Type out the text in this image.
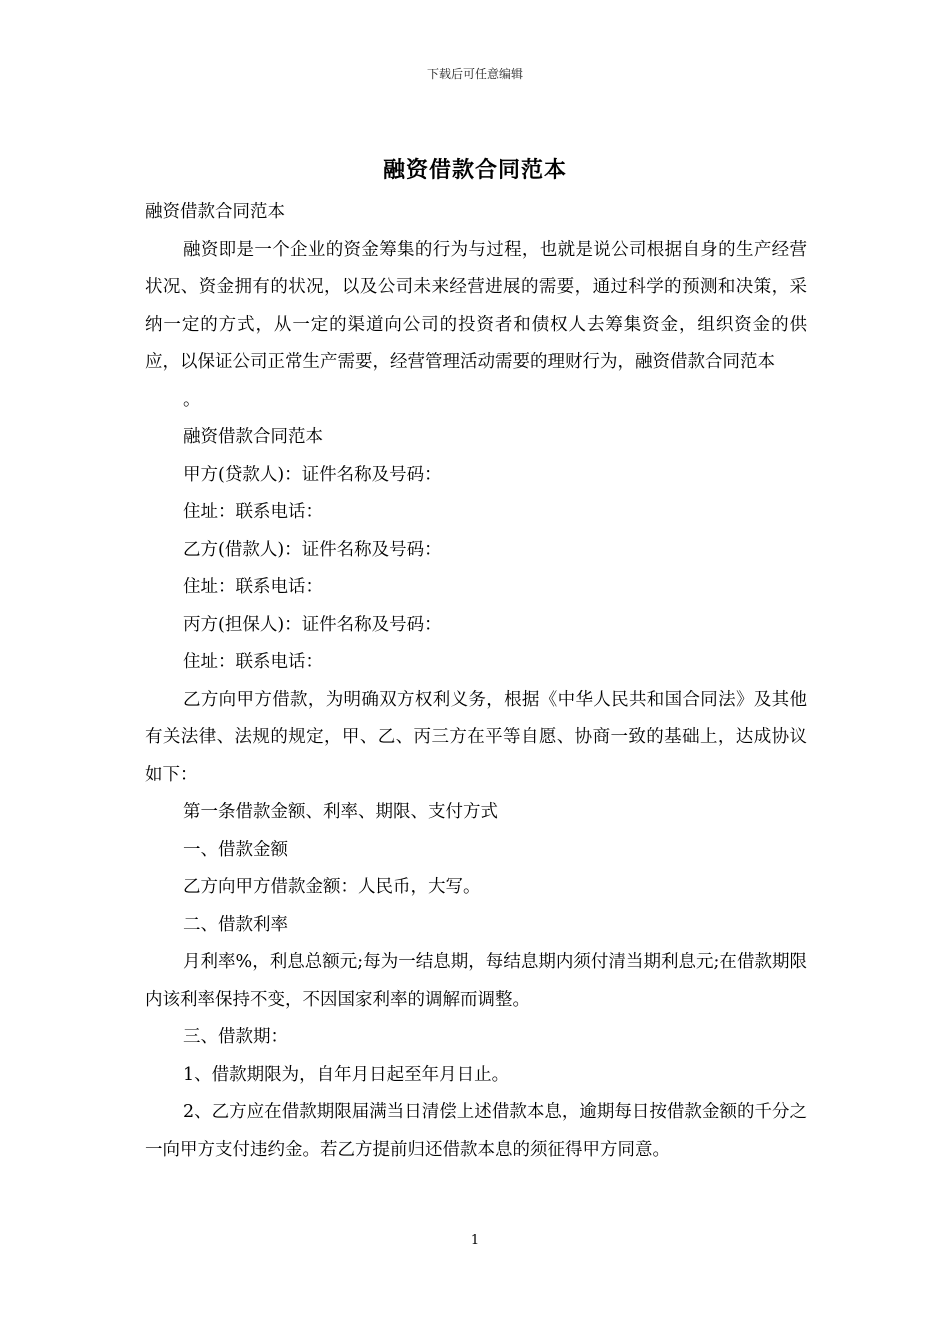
下载后可任意编辑
融资借款合同范本

融资借款合同范本

融资即是一个企业的资金筹集的行为与过程，也就是说公司根据自身的生产经营状况、资金拥有的状况，以及公司未来经营进展的需要，通过科学的预测和决策，采纳一定的方式，从一定的渠道向公司的投资者和债权人去筹集资金，组织资金的供应，以保证公司正常生产需要，经营管理活动需要的理财行为，融资借款合同范本

。

融资借款合同范本

甲方(贷款人)：证件名称及号码：

住址：联系电话：

乙方(借款人)：证件名称及号码：

住址：联系电话：

丙方(担保人)：证件名称及号码：

住址：联系电话：

乙方向甲方借款，为明确双方权利义务，根据《中华人民共和国合同法》及其他有关法律、法规的规定，甲、乙、丙三方在平等自愿、协商一致的基础上，达成协议如下：

第一条借款金额、利率、期限、支付方式

一、借款金额

乙方向甲方借款金额：人民币，大写。

二、借款利率

月利率%，利息总额元;每为一结息期，每结息期内须付清当期利息元;在借款期限内该利率保持不变，不因国家利率的调解而调整。

三、借款期：

1、借款期限为，自年月日起至年月日止。

2、乙方应在借款期限届满当日清偿上述借款本息，逾期每日按借款金额的千分之一向甲方支付违约金。若乙方提前归还借款本息的须征得甲方同意。

1
